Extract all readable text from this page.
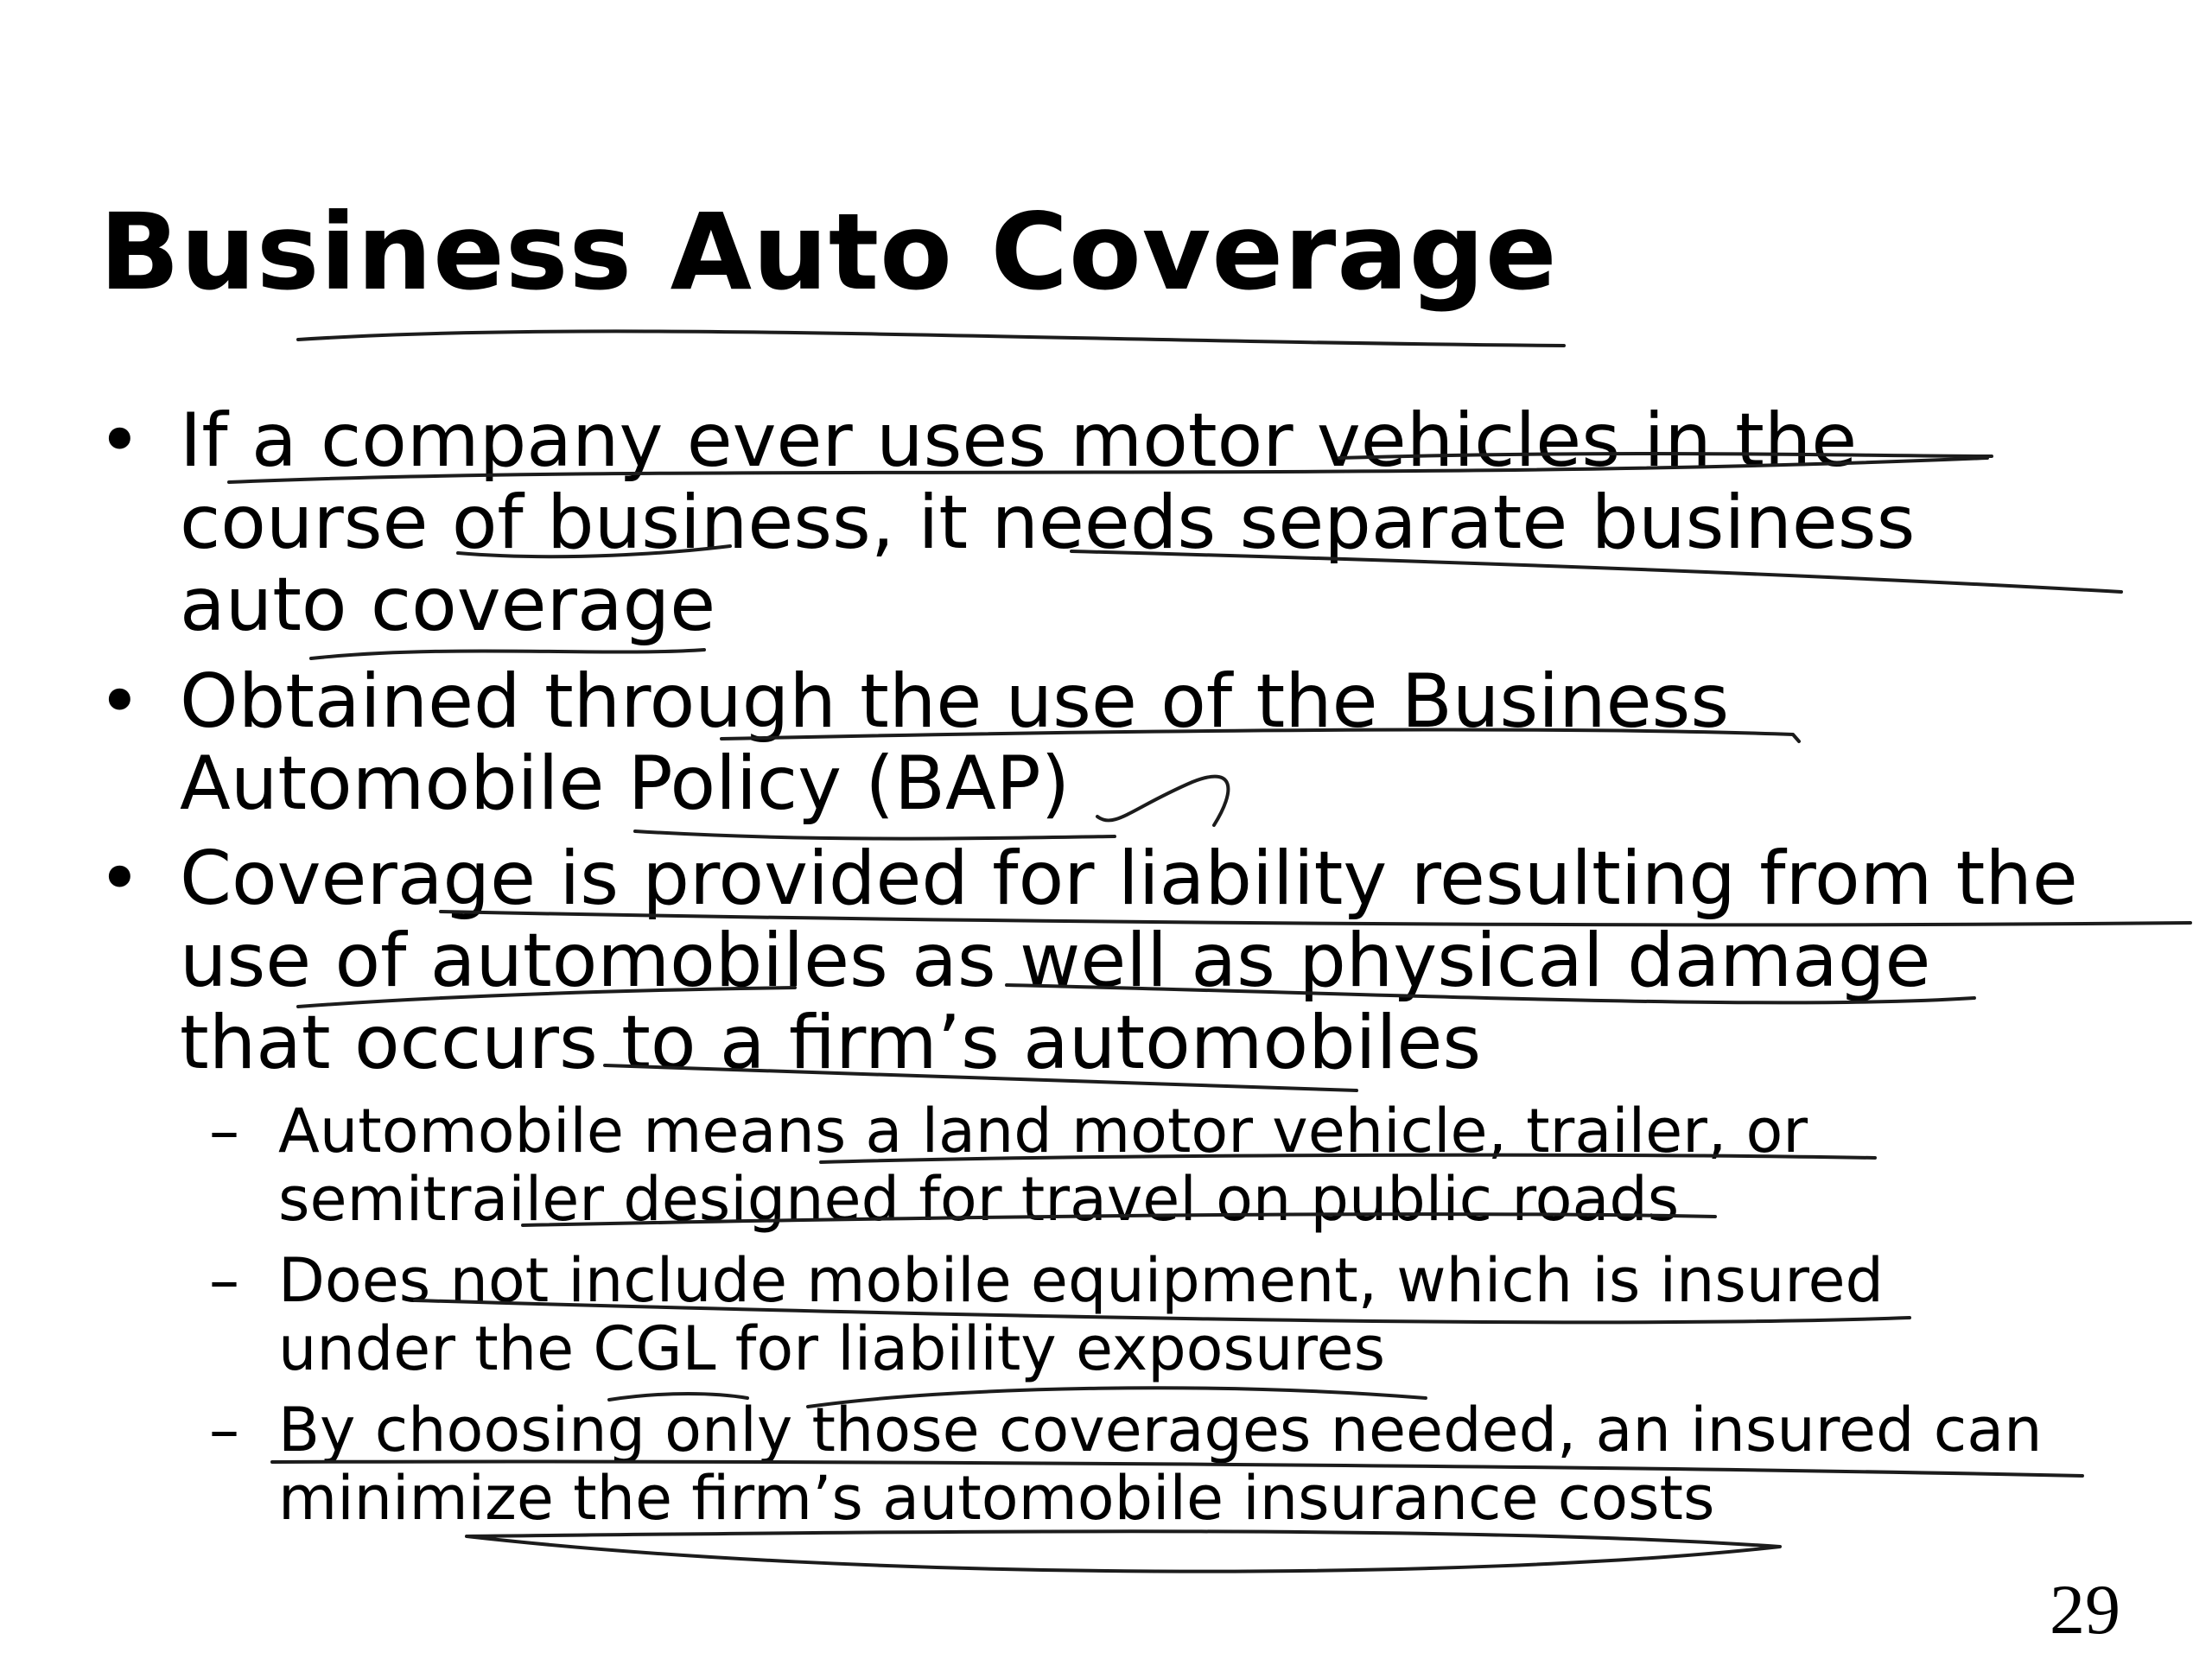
Business Auto Coverage
• If a company ever uses motor vehicles in the
course of business, it needs separate business
auto coverage
• Obtained through the use of the Business
Automobile Policy (BAP)
• Coverage is provided for liability resulting from the
use of automobiles as well as physical damage
that occurs to a firm’s automobiles
– Automobile means a land motor vehicle, trailer, or
semitrailer designed for travel on public roads
– Does not include mobile equipment, which is insured
under the CGL for liability exposures
– By choosing only those coverages needed, an insured can
minimize the firm’s automobile insurance costs
29
